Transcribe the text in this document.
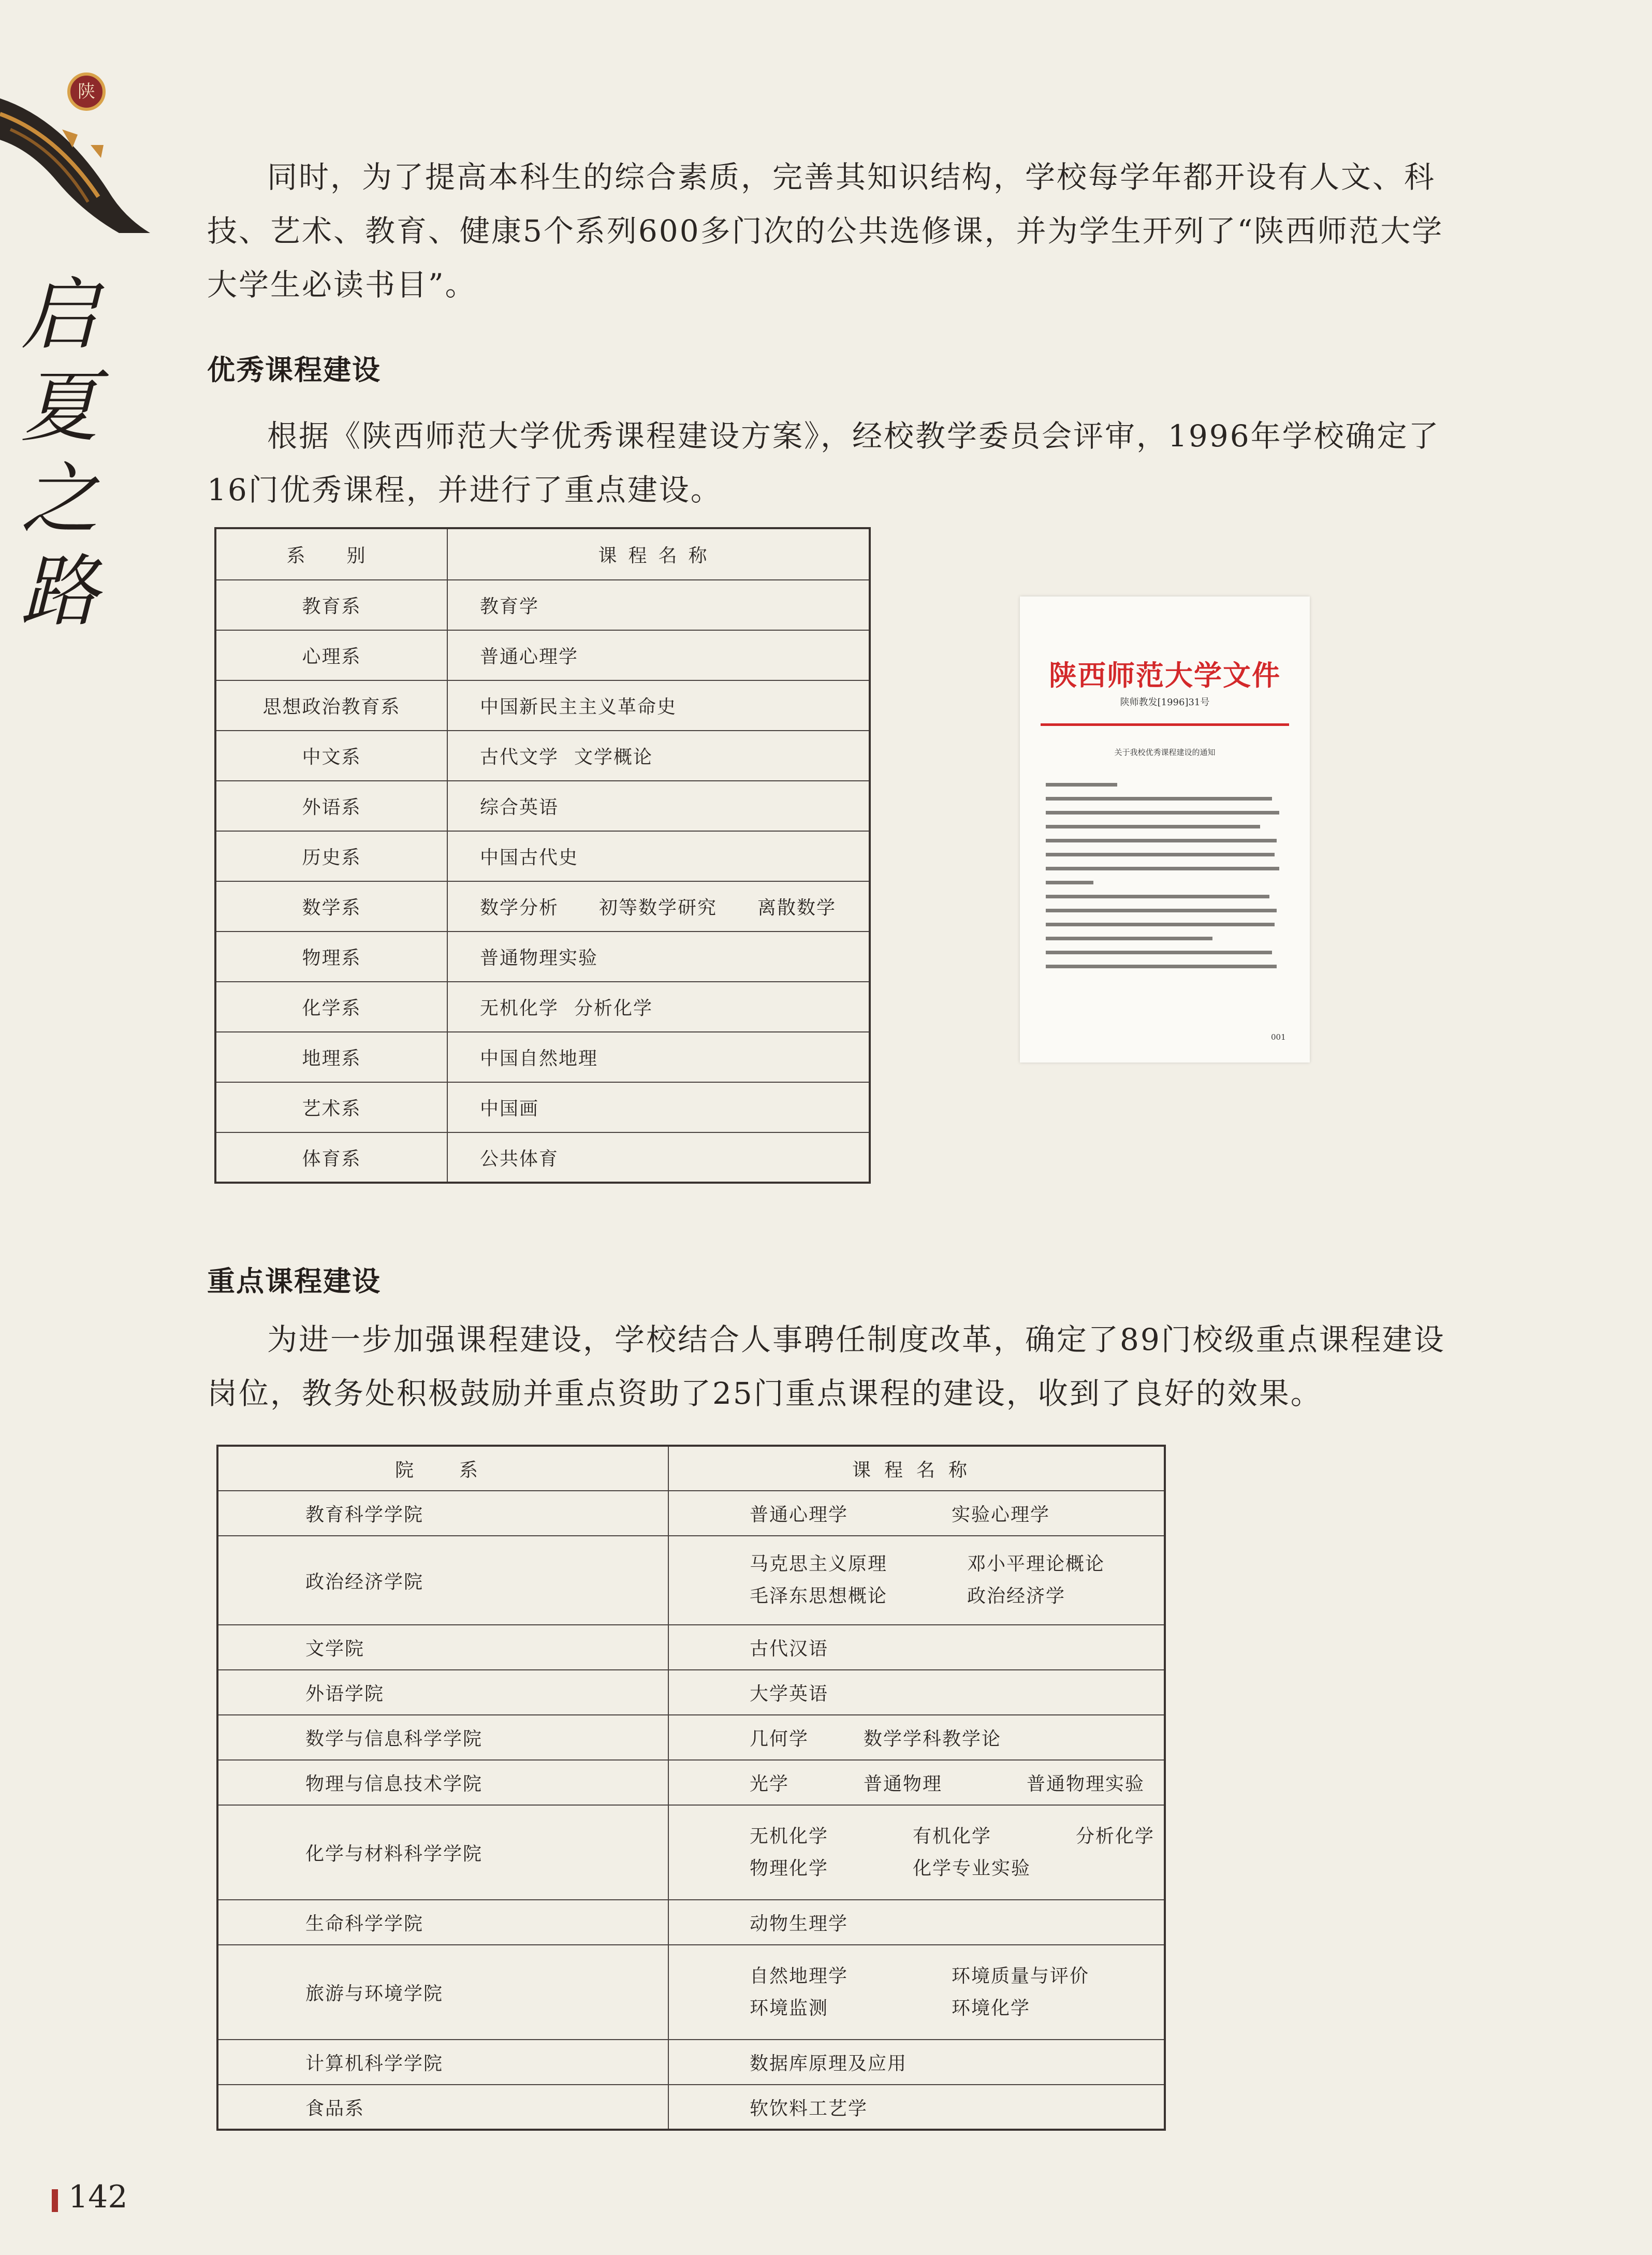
陕
启
夏
之
路

同时，为了提高本科生的综合素质，完善其知识结构，学校每学年都开设有人文、科技、艺术、教育、健康5个系列600多门次的公共选修课，并为学生开列了“陕西师范大学大学生必读书目”。

优秀课程建设

根据《陕西师范大学优秀课程建设方案》，经校教学委员会评审，1996年学校确定了16门优秀课程，并进行了重点建设。

系　别	课程名称
教育系	教育学
心理系	普通心理学
思想政治教育系	中国新民主主义革命史
中文系	古代文学 文学概论
外语系	综合英语
历史系	中国古代史
数学系	数学分析 初等数学研究 离散数学
物理系	普通物理实验
化学系	无机化学 分析化学
地理系	中国自然地理
艺术系	中国画
体育系	公共体育
陕西师范大学文件
陕师教发[1996]31号
关于我校优秀课程建设的通知
001
重点课程建设

为进一步加强课程建设，学校结合人事聘任制度改革，确定了89门校级重点课程建设岗位，教务处积极鼓励并重点资助了25门重点课程的建设，收到了良好的效果。

院　系	课程名称
教育科学学院	普通心理学 实验心理学
政治经济学院	马克思主义原理 邓小平理论概论
毛泽东思想概论 政治经济学

文学院	古代汉语
外语学院	大学英语
数学与信息科学学院	几何学 数学学科教学论
物理与信息技术学院	光学 普通物理 普通物理实验
化学与材料科学学院	无机化学 有机化学 分析化学
物理化学 化学专业实验

生命科学学院	动物生理学
旅游与环境学院	自然地理学 环境质量与评价
环境监测 环境化学

计算机科学学院	数据库原理及应用
食品系	软饮料工艺学
142
